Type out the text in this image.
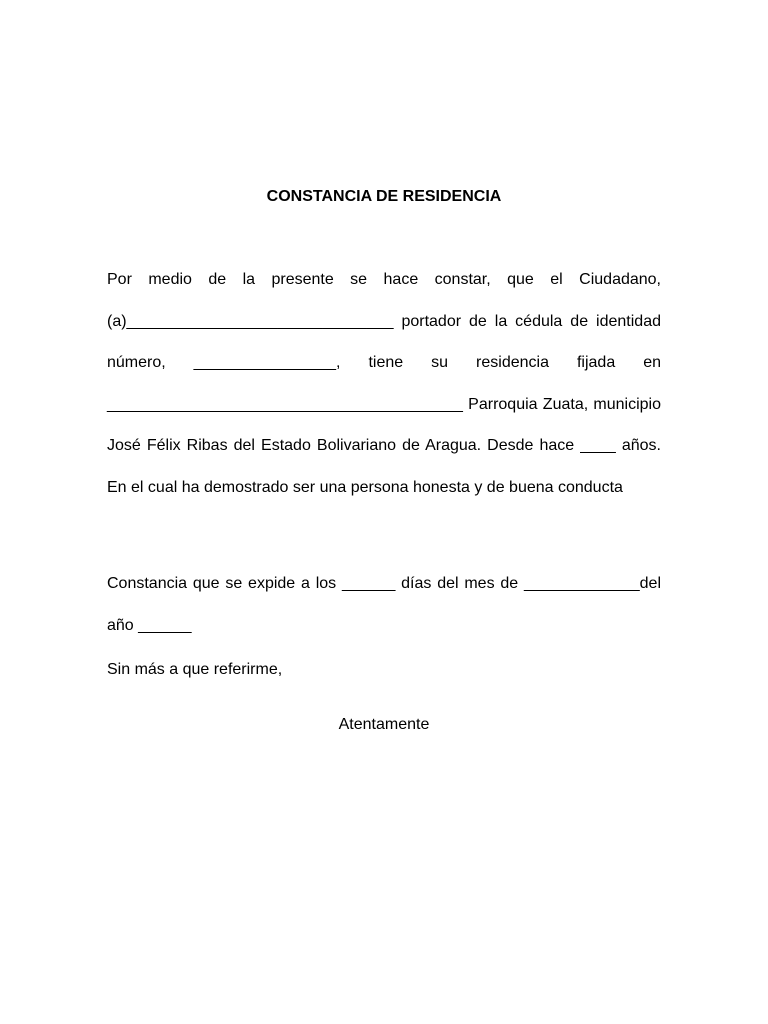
CONSTANCIA DE RESIDENCIA

Por medio de la presente se hace constar, que el Ciudadano, (a)______________________________ portador de la cédula de identidad número, ________________, tiene su residencia fijada en ________________________________________ Parroquia Zuata, municipio José Félix Ribas del Estado Bolivariano de Aragua. Desde hace ____ años. En el cual ha demostrado ser una persona honesta y de buena conducta

Constancia que se expide a los ______ días del mes de _____________del año ______

Sin más a que referirme,

Atentamente
